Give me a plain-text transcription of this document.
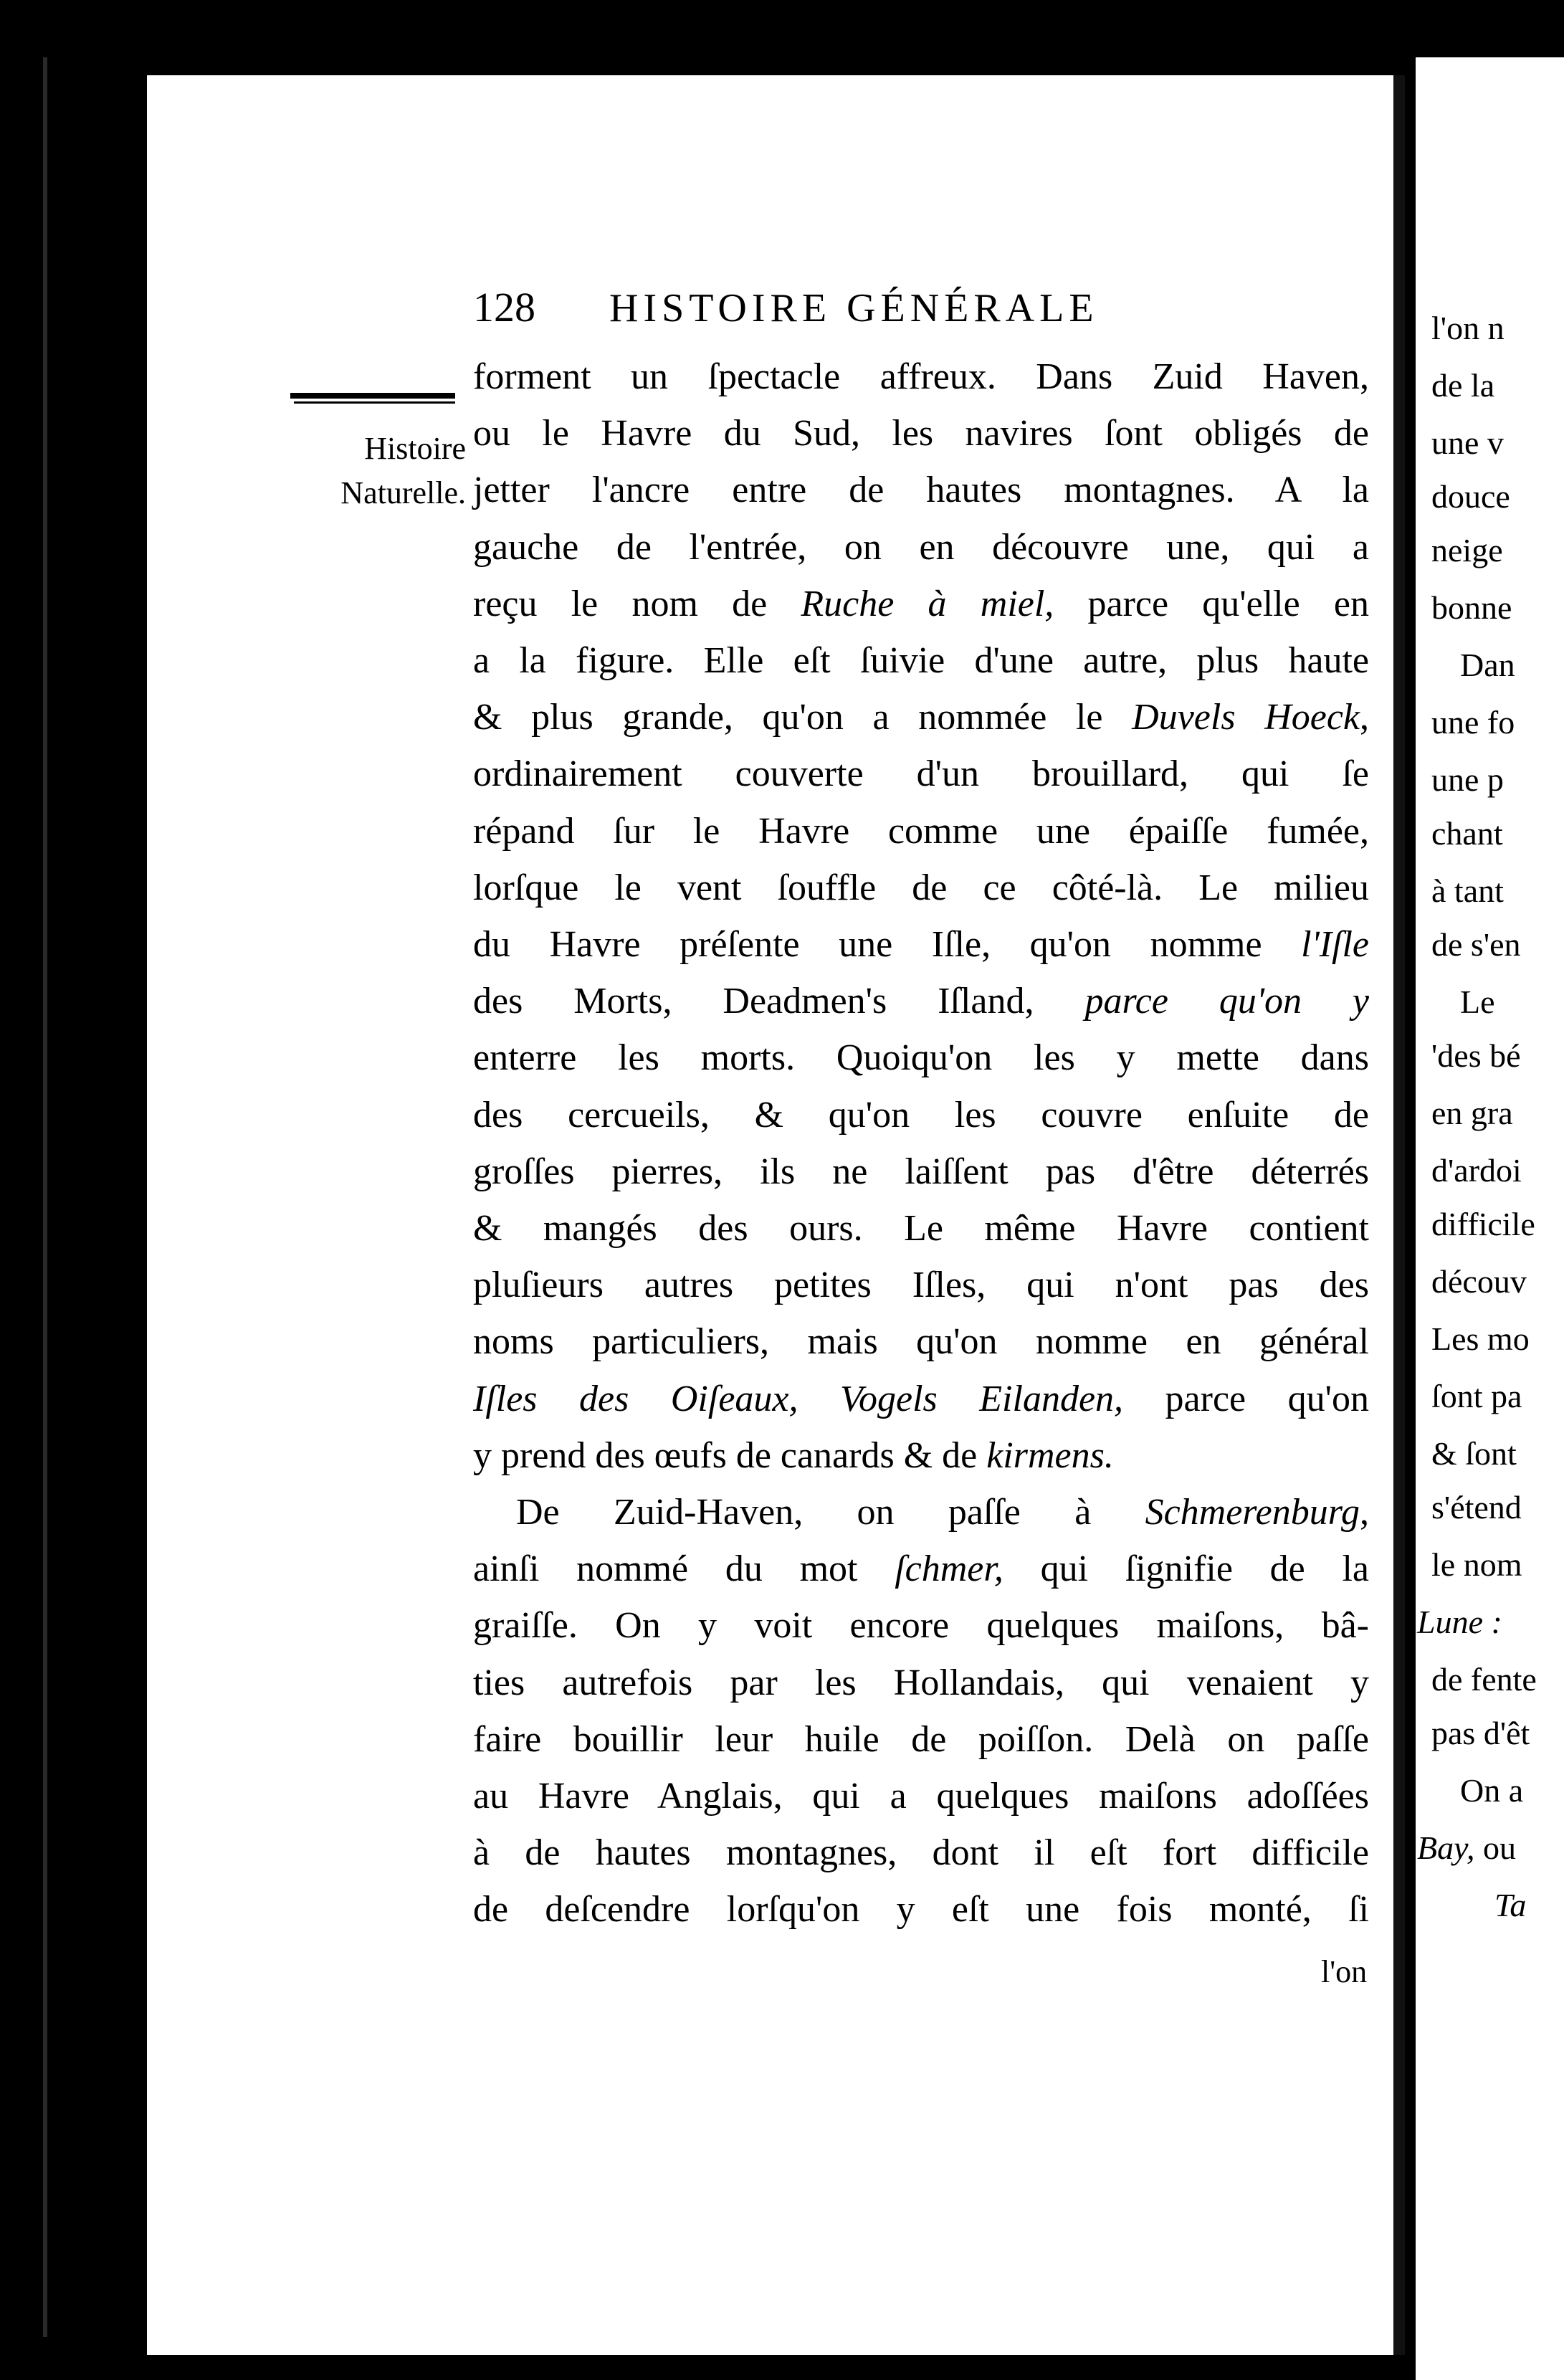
128 HISTOIRE GÉNÉRALE
Histoire
Naturelle.
forment un ſpectacle affreux. Dans Zuid Haven,
ou le Havre du Sud, les navires ſont obligés de
jetter l'ancre entre de hautes montagnes. A la
gauche de l'entrée, on en découvre une, qui a
reçu le nom de Ruche à miel, parce qu'elle en
a la figure. Elle eſt ſuivie d'une autre, plus haute
& plus grande, qu'on a nommée le Duvels Hoeck,
ordinairement couverte d'un brouillard, qui ſe
répand ſur le Havre comme une épaiſſe fumée,
lorſque le vent ſouffle de ce côté-là. Le milieu
du Havre préſente une Iſle, qu'on nomme l'Iſle
des Morts, Deadmen's Iſland, parce qu'on y
enterre les morts. Quoiqu'on les y mette dans
des cercueils, & qu'on les couvre enſuite de
groſſes pierres, ils ne laiſſent pas d'être déterrés
& mangés des ours. Le même Havre contient
pluſieurs autres petites Iſles, qui n'ont pas des
noms particuliers, mais qu'on nomme en général
Iſles des Oiſeaux, Vogels Eilanden, parce qu'on
y prend des œufs de canards & de kirmens.
De Zuid-Haven, on paſſe à Schmerenburg,
ainſi nommé du mot ſchmer, qui ſignifie de la
graiſſe. On y voit encore quelques maiſons, bâ-
ties autrefois par les Hollandais, qui venaient y
faire bouillir leur huile de poiſſon. Delà on paſſe
au Havre Anglais, qui a quelques maiſons adoſſées
à de hautes montagnes, dont il eſt fort difficile
de deſcendre lorſqu'on y eſt une fois monté, ſi
l'on
l'on n
de la
une v
douce
neige
bonne
Dan
une fo
une p
chant
à tant
de s'en
Le
'des bé
en gra
d'ardoi
difficile
découv
Les mo
ſont pa
& ſont
s'étend
le nom
Lune :
de fente
pas d'êt
On a
Bay, ou
Ta
